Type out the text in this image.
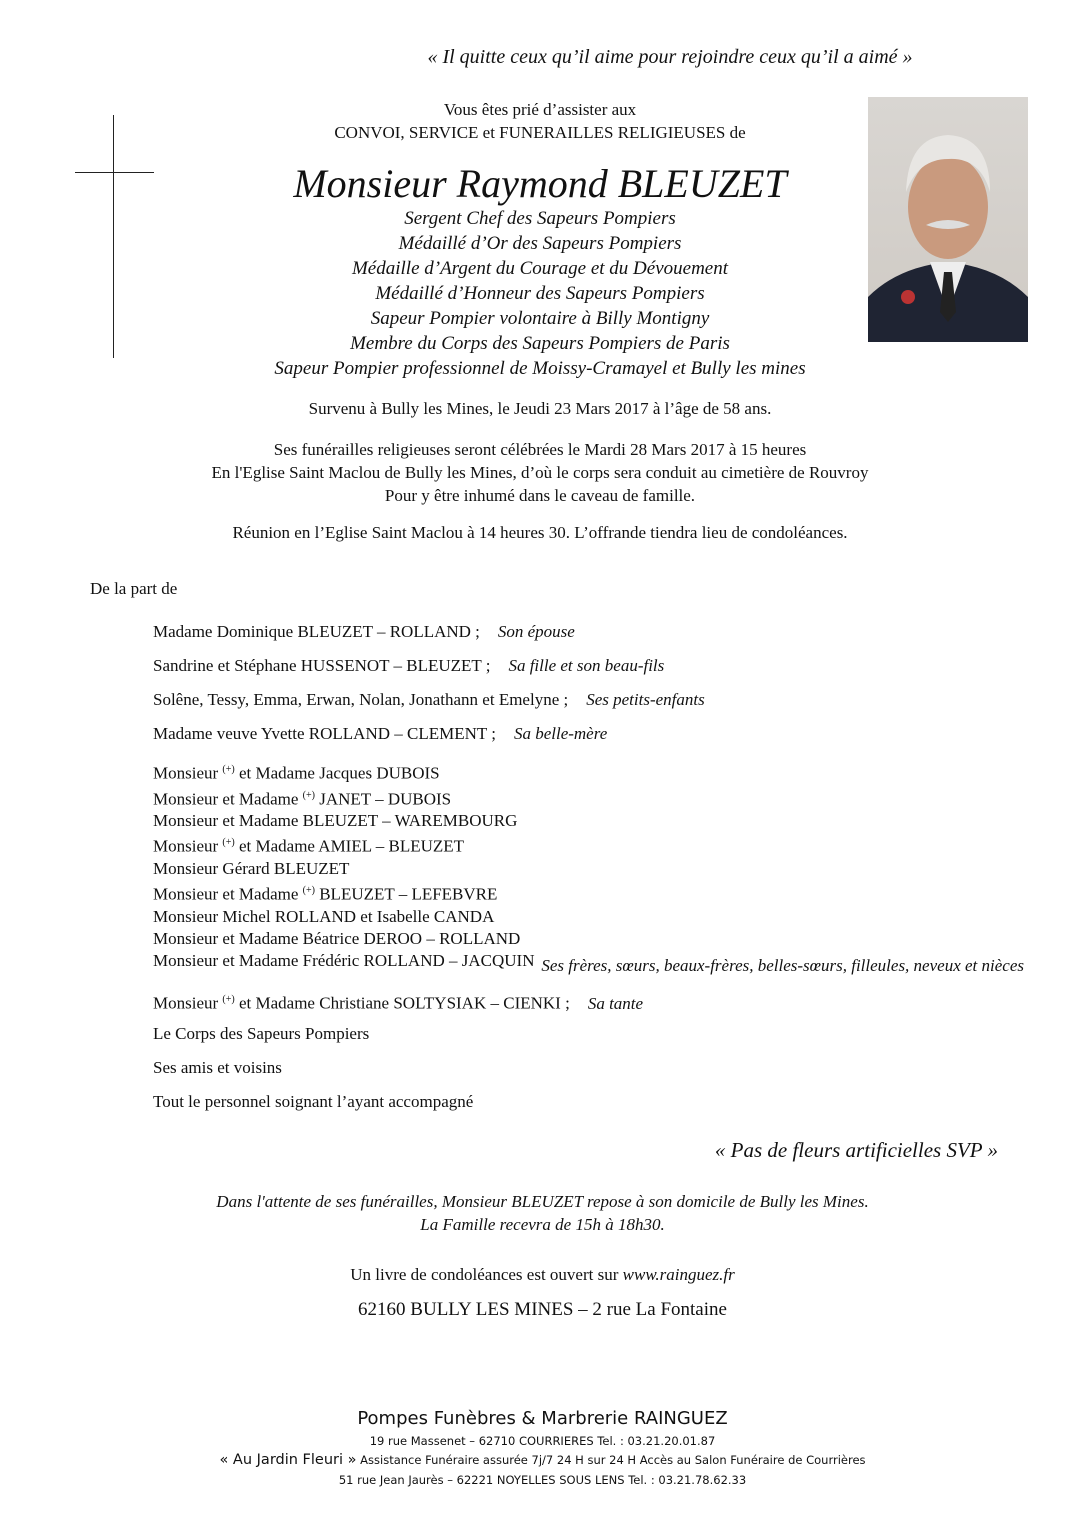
« Il quitte ceux qu’il aime pour rejoindre ceux qu’il a aimé »
Vous êtes prié d’assister aux
CONVOI, SERVICE et FUNERAILLES RELIGIEUSES de
Monsieur Raymond BLEUZET
Sergent Chef des Sapeurs Pompiers
Médaillé d’Or des Sapeurs Pompiers
Médaille d’Argent du Courage et du Dévouement
Médaillé d’Honneur des Sapeurs Pompiers
Sapeur Pompier volontaire à Billy Montigny
Membre du Corps des Sapeurs Pompiers de Paris
Sapeur Pompier professionnel de Moissy-Cramayel et Bully les mines
Survenu à Bully les Mines, le Jeudi 23 Mars 2017 à l’âge de 58 ans.
Ses funérailles religieuses seront célébrées le Mardi 28 Mars 2017 à 15 heures
En l'Eglise Saint Maclou de Bully les Mines, d’où le corps sera conduit au cimetière de Rouvroy
Pour y être inhumé dans le caveau de famille.
Réunion en l’Eglise Saint Maclou à 14 heures 30. L’offrande tiendra lieu de condoléances.
De la part de
Madame Dominique BLEUZET – ROLLAND ; Son épouse
Sandrine et Stéphane HUSSENOT – BLEUZET ; Sa fille et son beau-fils
Solêne, Tessy, Emma, Erwan, Nolan, Jonathann et Emelyne ; Ses petits-enfants
Madame veuve Yvette ROLLAND – CLEMENT ; Sa belle-mère
Monsieur (+) et Madame Jacques DUBOIS
Monsieur et Madame (+) JANET – DUBOIS
Monsieur et Madame BLEUZET – WAREMBOURG
Monsieur (+) et Madame AMIEL – BLEUZET
Monsieur Gérard BLEUZET
Monsieur et Madame (+) BLEUZET – LEFEBVRE
Monsieur Michel ROLLAND et Isabelle CANDA
Monsieur et Madame Béatrice DEROO – ROLLAND
Monsieur et Madame Frédéric ROLLAND – JACQUIN Ses frères, sœurs, beaux-frères, belles-sœurs, filleules, neveux et nièces
Monsieur (+) et Madame Christiane SOLTYSIAK – CIENKI ; Sa tante
Le Corps des Sapeurs Pompiers
Ses amis et voisins
Tout le personnel soignant l’ayant accompagné
« Pas de fleurs artificielles SVP »
Dans l'attente de ses funérailles, Monsieur BLEUZET repose à son domicile de Bully les Mines.
La Famille recevra de 15h à 18h30.
Un livre de condoléances est ouvert sur www.rainguez.fr
62160 BULLY LES MINES – 2 rue La Fontaine
Pompes Funèbres & Marbrerie RAINGUEZ
19 rue Massenet – 62710 COURRIERES Tel. : 03.21.20.01.87
« Au Jardin Fleuri » Assistance Funéraire assurée 7j/7 24 H sur 24 H Accès au Salon Funéraire de Courrières
51 rue Jean Jaurès – 62221 NOYELLES SOUS LENS Tel. : 03.21.78.62.33
